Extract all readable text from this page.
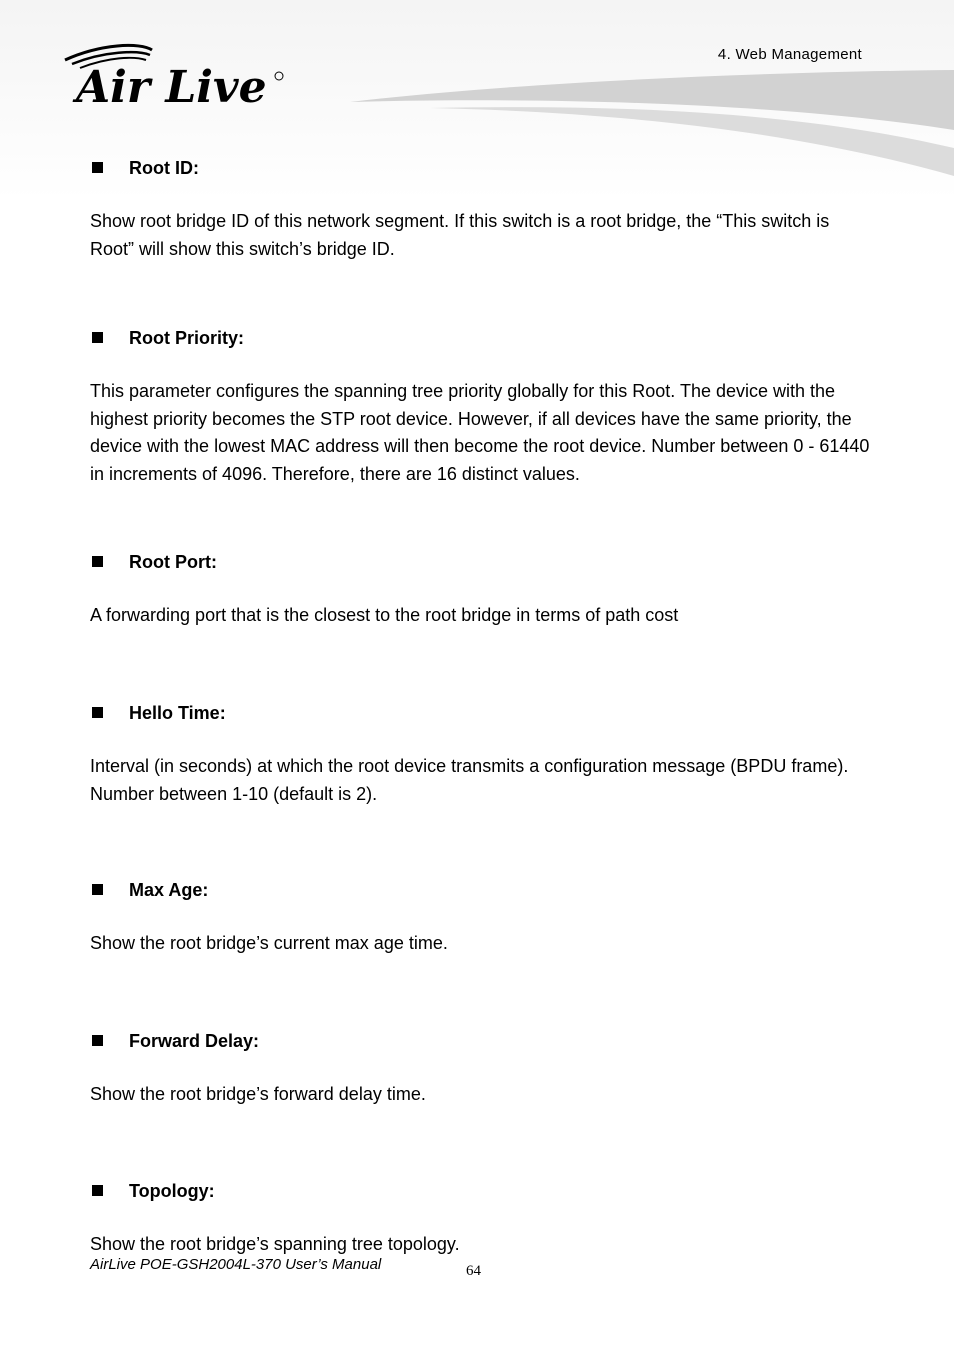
Air Live
4. Web Management
Root ID:
Show root bridge ID of this network segment. If this switch is a root bridge, the “This switch is Root” will show this switch’s bridge ID.
Root Priority:
This parameter configures the spanning tree priority globally for this Root. The device with the highest priority becomes the STP root device. However, if all devices have the same priority, the device with the lowest MAC address will then become the root device. Number between 0 - 61440 in increments of 4096. Therefore, there are 16 distinct values.
Root Port:
A forwarding port that is the closest to the root bridge in terms of path cost
Hello Time:
Interval (in seconds) at which the root device transmits a configuration message (BPDU frame). Number between 1-10 (default is 2).
Max Age:
Show the root bridge’s current max age time.
Forward Delay:
Show the root bridge’s forward delay time.
Topology:
Show the root bridge’s spanning tree topology.
AirLive POE-GSH2004L-370 User’s Manual	64
